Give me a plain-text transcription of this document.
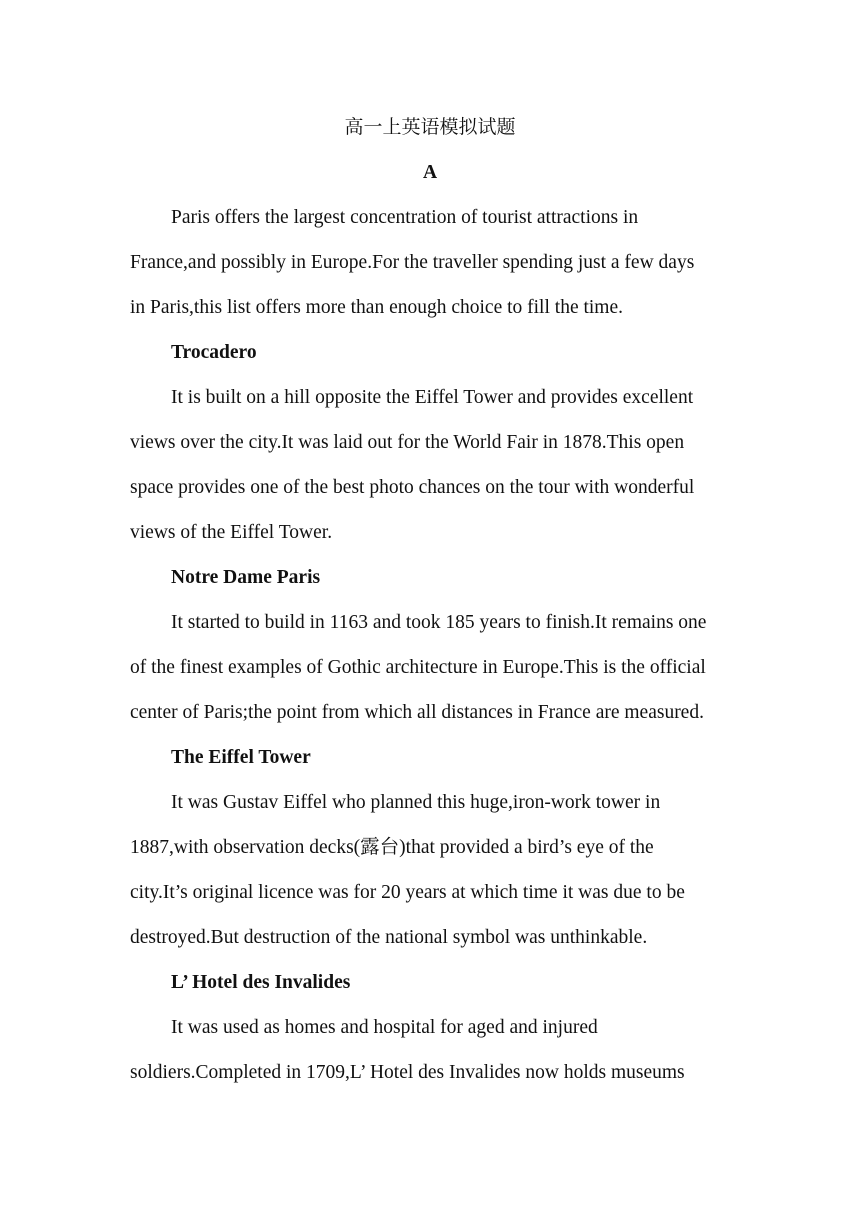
高一上英语模拟试题
A
Paris offers the largest concentration of tourist attractions in
France,and possibly in Europe.For the traveller spending just a few days
in Paris,this list offers more than enough choice to fill the time.
Trocadero
It is built on a hill opposite the Eiffel Tower and provides excellent
views over the city.It was laid out for the World Fair in 1878.This open
space provides one of the best photo chances on the tour with wonderful
views of the Eiffel Tower.
Notre Dame Paris
It started to build in 1163 and took 185 years to finish.It remains one
of the finest examples of Gothic architecture in Europe.This is the official
center of Paris;the point from which all distances in France are measured.
The Eiffel Tower
It was Gustav Eiffel who planned this huge,iron-work tower in
1887,with observation decks(露台)that provided a bird’s eye of the
city.It’s original licence was for 20 years at which time it was due to be
destroyed.But destruction of the national symbol was unthinkable.
L’ Hotel des Invalides
It was used as homes and hospital for aged and injured
soldiers.Completed in 1709,L’ Hotel des Invalides now holds museums
